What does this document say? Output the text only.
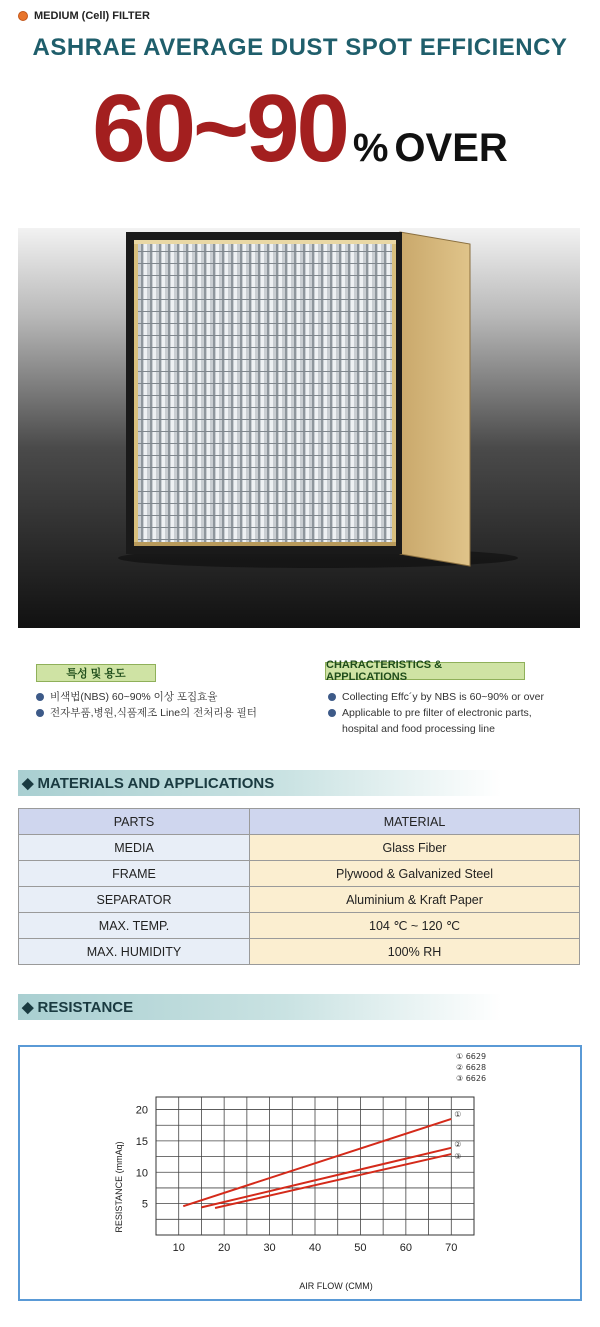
MEDIUM (Cell) FILTER
ASHRAE AVERAGE DUST SPOT EFFICIENCY
60~90 % OVER
특성 및 용도
CHARACTERISTICS & APPLICATIONS
비색법(NBS) 60~90% 이상 포집효율
전자부품,병원,식품제조 Line의 전처리용 필터
Collecting Effc´y by NBS is 60~90% or over
Applicable to pre filter of electronic parts, hospital and food processing line
◆ MATERIALS AND APPLICATIONS
PARTS	MATERIAL
MEDIA	Glass Fiber
FRAME	Plywood & Galvanized Steel
SEPARATOR	Aluminium & Kraft Paper
MAX. TEMP.	104 ℃ ~ 120 ℃
MAX. HUMIDITY	100% RH
◆ RESISTANCE
10	20	30	40	50	60	70
5
10
15
20	①
②
③
① 6629
② 6628
③ 6626
AIR FLOW (CMM)
RESISTANCE (mmAq)
